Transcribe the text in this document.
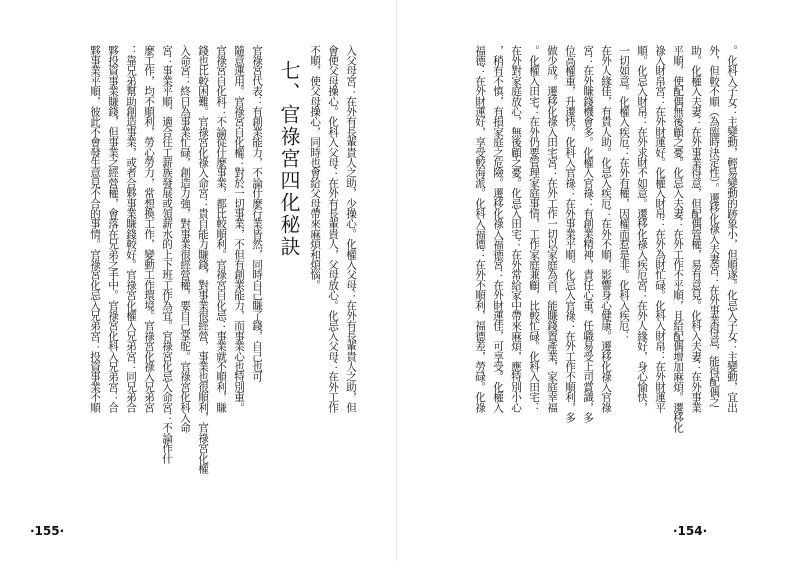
入父母宮：在外有長輩貴人之助，少操心。化權入父母：在外有長輩貴人之助，但
會使父母操心。化科入父母：在外有長輩貴人，父母放心。化忌入父母：在外工作
不順，使父母操心，同時也會給父母帶來麻煩和煩惱。
七、官祿宮四化秘訣
官祿宮代表：有創業能力，不論什麼行業皆然，同時自己賺了錢，自己也可
隨意運用。官祿宮自化權：對於一切事業，不但有創業能力，而事業心也特別重。
官祿宮自化科：不論從什麼事業，都比較順利。官祿宮自化忌：事業就不順利，賺
錢也比較困難。官祿宮化祿入命宮：貴自能力賺錢，對事業很經營，事業也很順利，官祿宮化權
入命宮：終日為事業忙碌，創造力強，對事業很經營權，要自己掌舵。官祿宮化科入命
宮：事業平順，適合往工薪族發展或領薪水的上下班工作為宜。官祿宮化忌入命宮：不論作什
麼工作，均不順利，勞心勞力，常想換工作，變動工作環境。官祿宮化祿入兄弟宮
：靠兄弟幫助創造事業，或者合夥事業賺錢較好。官祿宮化權入兄弟宮：同兄弟合
夥投資事業賺錢，但事業之經營權，會落在兄弟之手中。官祿宮化科入兄弟宮：合
夥事業平順，彼此不會發生意見不合的事情。官祿宮化忌入兄弟宮：投資事業不順
·155·
。化科入子女：主變動，輕易變動的跡象小，但順遂。化忌入子女：主變動，宜出
外，但較不順（為臨時決定性）。遷移化祿入夫妻宮：在外事業得意，能得配偶之
助。化權入夫妻：在外事業得意，但配偶管權，易有意見。化科入夫妻：在外事業
平順，使配偶無後顧之憂。化忌入夫妻：在外工作不平順，且給配偶增加麻煩。遷移化
祿入財帛宮：在外財運好。化權入財帛：在外為財忙碌。化科入財帛：在外財運平
順。化忌入財帛：在外求財不如意。遷移化祿入疾厄宮：在外人緣好，身心愉快，
一切如意。化權入疾厄：在外有權，因權而惹是非。化科入疾厄：
在外人緣佳，有貴人助。化忌入疾厄：在外不順，影響身心健康。遷移化祿入官祿
宮：在外賺錢機會多。化權入官祿：有創業精神，責任心重，任職易受上司賞識，多
位高權重，升遷快。化科入官祿：在外事業平順。化忌入官祿：在外工作不順利，多
做少成。遷移化祿入田宅宮：在外工作一切以家庭為首，能賺錢置產業，家庭幸福
。化權入田宅：在外仍要管理家庭事情，工作家庭兼顧，比較忙碌。化科入田宅：
在外對家庭放心，無後顧之憂。化忌入田宅：在外常給家中帶來麻煩，應特別小心
，稍有不慎，有損家庭之危險。遷移化祿入福德宮：在外財運佳，可享受。化權入
福德：在外財運好，享受較海派。化科入福德：在外不順利，福德差，勞碌。化祿
·154·
